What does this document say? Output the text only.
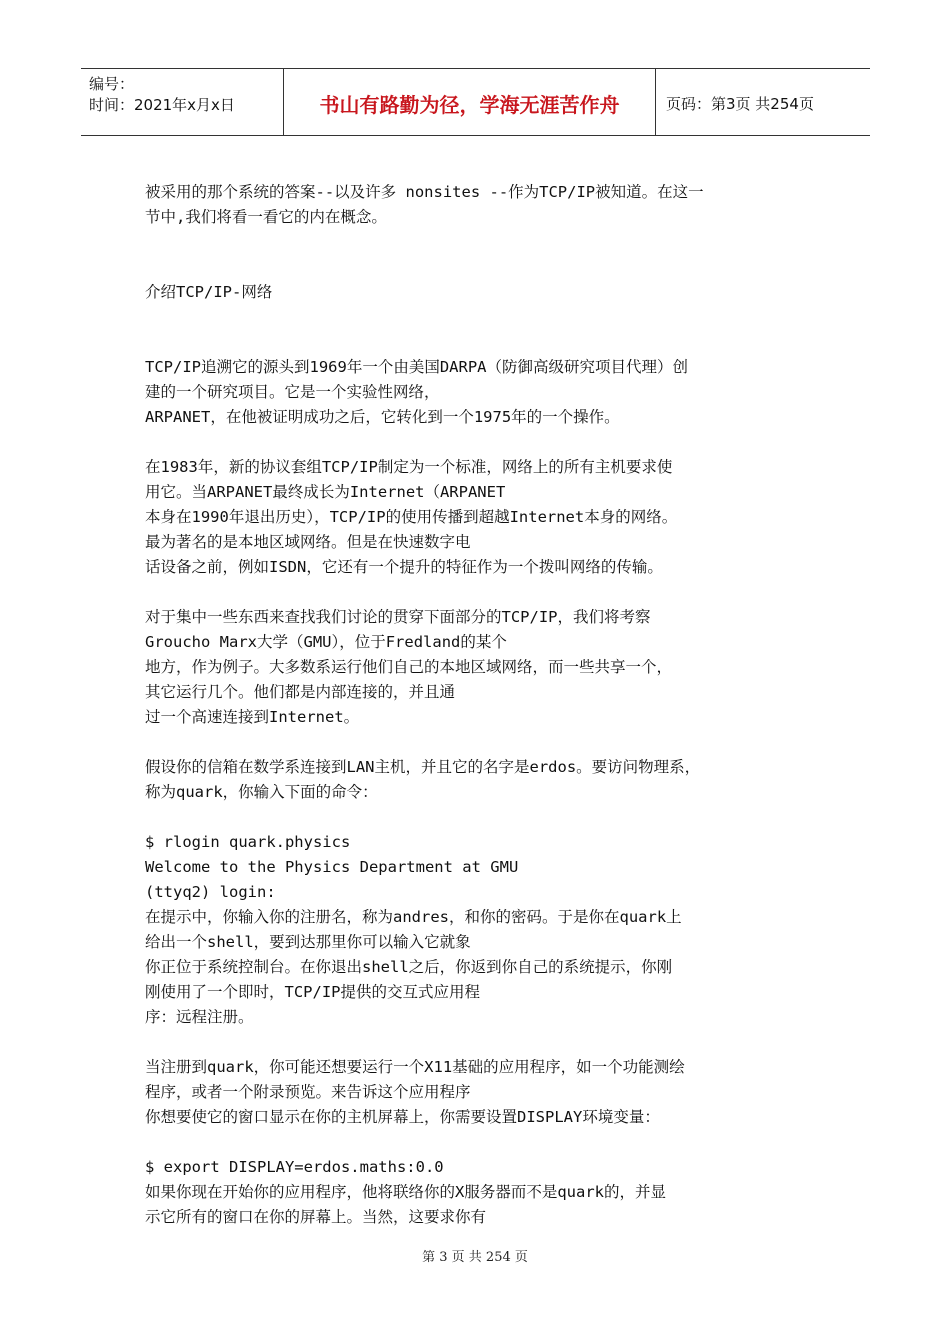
编号：
时间：2021年x月x日	书山有路勤为径，学海无涯苦作舟	页码：第3页 共254页
被采用的那个系统的答案--以及许多 nonsites --作为TCP/IP被知道。在这一
节中,我们将看一看它的内在概念。
介绍TCP/IP-网络
TCP/IP追溯它的源头到1969年一个由美国DARPA（防御高级研究项目代理）创
建的一个研究项目。它是一个实验性网络，
ARPANET，在他被证明成功之后，它转化到一个1975年的一个操作。
在1983年，新的协议套组TCP/IP制定为一个标准，网络上的所有主机要求使
用它。当ARPANET最终成长为Internet（ARPANET
本身在1990年退出历史），TCP/IP的使用传播到超越Internet本身的网络。
最为著名的是本地区域网络。但是在快速数字电
话设备之前，例如ISDN，它还有一个提升的特征作为一个拨叫网络的传输。
对于集中一些东西来查找我们讨论的贯穿下面部分的TCP/IP，我们将考察
Groucho Marx大学（GMU），位于Fredland的某个
地方，作为例子。大多数系运行他们自己的本地区域网络，而一些共享一个，
其它运行几个。他们都是内部连接的，并且通
过一个高速连接到Internet。
假设你的信箱在数学系连接到LAN主机，并且它的名字是erdos。要访问物理系，
称为quark，你输入下面的命令：
$ rlogin quark.physics
Welcome to the Physics Department at GMU
(ttyq2) login:
在提示中，你输入你的注册名，称为andres，和你的密码。于是你在quark上
给出一个shell，要到达那里你可以输入它就象
你正位于系统控制台。在你退出shell之后，你返到你自己的系统提示，你刚
刚使用了一个即时，TCP/IP提供的交互式应用程
序：远程注册。
当注册到quark，你可能还想要运行一个X11基础的应用程序，如一个功能测绘
程序，或者一个附录预览。来告诉这个应用程序
你想要使它的窗口显示在你的主机屏幕上，你需要设置DISPLAY环境变量：
$ export DISPLAY=erdos.maths:0.0
如果你现在开始你的应用程序，他将联络你的X服务器而不是quark的，并显
示它所有的窗口在你的屏幕上。当然，这要求你有
第 3 页 共 254 页
